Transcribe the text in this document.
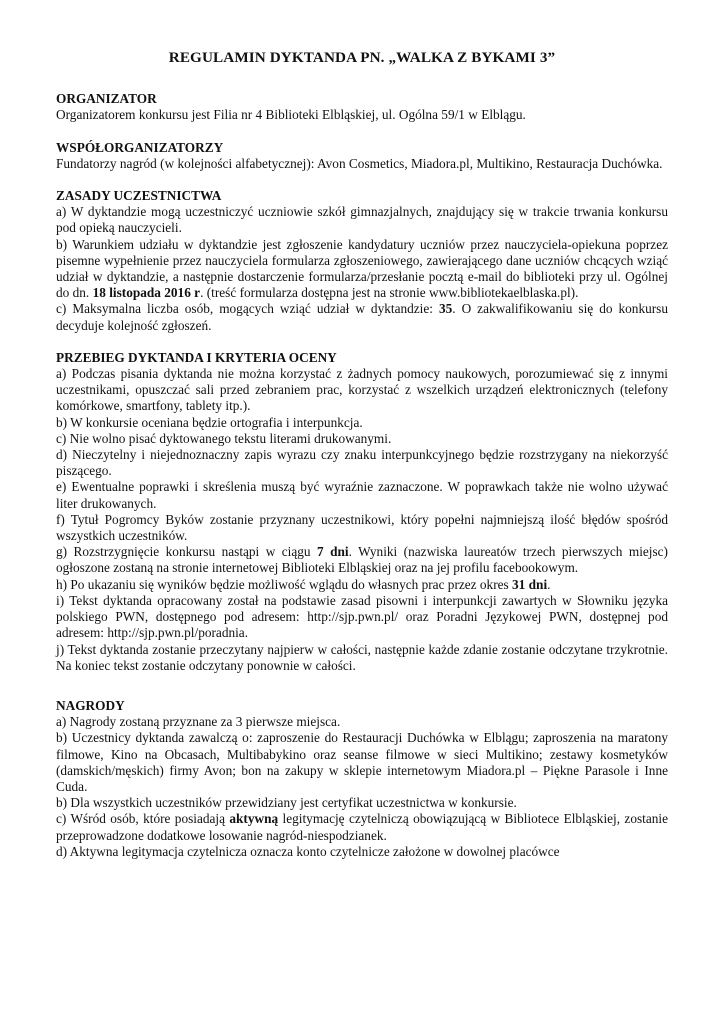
REGULAMIN DYKTANDA PN. „WALKA Z BYKAMI 3”
ORGANIZATOR
Organizatorem konkursu jest Filia nr 4 Biblioteki Elbląskiej, ul. Ogólna 59/1 w Elblągu.
WSPÓŁORGANIZATORZY
Fundatorzy nagród (w kolejności alfabetycznej): Avon Cosmetics, Miadora.pl, Multikino, Restauracja Duchówka.
ZASADY UCZESTNICTWA
a) W dyktandzie mogą uczestniczyć uczniowie szkół gimnazjalnych, znajdujący się w trakcie trwania konkursu pod opieką nauczycieli.
b) Warunkiem udziału w dyktandzie jest zgłoszenie kandydatury uczniów przez nauczyciela-opiekuna poprzez pisemne wypełnienie przez nauczyciela formularza zgłoszeniowego, zawierającego dane uczniów chcących wziąć udział w dyktandzie, a następnie dostarczenie formularza/przesłanie pocztą e-mail do biblioteki przy ul. Ogólnej do dn. 18 listopada 2016 r. (treść formularza dostępna jest na stronie www.bibliotekaelblaska.pl).
c) Maksymalna liczba osób, mogących wziąć udział w dyktandzie: 35. O zakwalifikowaniu się do konkursu decyduje kolejność zgłoszeń.
PRZEBIEG DYKTANDA I KRYTERIA OCENY
a) Podczas pisania dyktanda nie można korzystać z żadnych pomocy naukowych, porozumiewać się z innymi uczestnikami, opuszczać sali przed zebraniem prac, korzystać z wszelkich urządzeń elektronicznych (telefony komórkowe, smartfony, tablety itp.).
b) W konkursie oceniana będzie ortografia i interpunkcja.
c) Nie wolno pisać dyktowanego tekstu literami drukowanymi.
d) Nieczytelny i niejednoznaczny zapis wyrazu czy znaku interpunkcyjnego będzie rozstrzygany na niekorzyść piszącego.
e) Ewentualne poprawki i skreślenia muszą być wyraźnie zaznaczone. W poprawkach także nie wolno używać liter drukowanych.
f) Tytuł Pogromcy Byków zostanie przyznany uczestnikowi, który popełni najmniejszą ilość błędów spośród wszystkich uczestników.
g) Rozstrzygnięcie konkursu nastąpi w ciągu 7 dni. Wyniki (nazwiska laureatów trzech pierwszych miejsc) ogłoszone zostaną na stronie internetowej Biblioteki Elbląskiej oraz na jej profilu facebookowym.
h) Po ukazaniu się wyników będzie możliwość wglądu do własnych prac przez okres 31 dni.
i) Tekst dyktanda opracowany został na podstawie zasad pisowni i interpunkcji zawartych w Słowniku języka polskiego PWN, dostępnego pod adresem: http://sjp.pwn.pl/ oraz Poradni Językowej PWN, dostępnej pod adresem: http://sjp.pwn.pl/poradnia.
j) Tekst dyktanda zostanie przeczytany najpierw w całości, następnie każde zdanie zostanie odczytane trzykrotnie. Na koniec tekst zostanie odczytany ponownie w całości.
NAGRODY
a) Nagrody zostaną przyznane za 3 pierwsze miejsca.
b) Uczestnicy dyktanda zawalczą o: zaproszenie do Restauracji Duchówka w Elblągu; zaproszenia na maratony filmowe, Kino na Obcasach, Multibabykino oraz seanse filmowe w sieci Multikino; zestawy kosmetyków (damskich/męskich) firmy Avon; bon na zakupy w sklepie internetowym Miadora.pl – Piękne Parasole i Inne Cuda.
b) Dla wszystkich uczestników przewidziany jest certyfikat uczestnictwa w konkursie.
c) Wśród osób, które posiadają aktywną legitymację czytelniczą obowiązującą w Bibliotece Elbląskiej, zostanie przeprowadzone dodatkowe losowanie nagród-niespodzianek.
d) Aktywna legitymacja czytelnicza oznacza konto czytelnicze założone w dowolnej placówce
